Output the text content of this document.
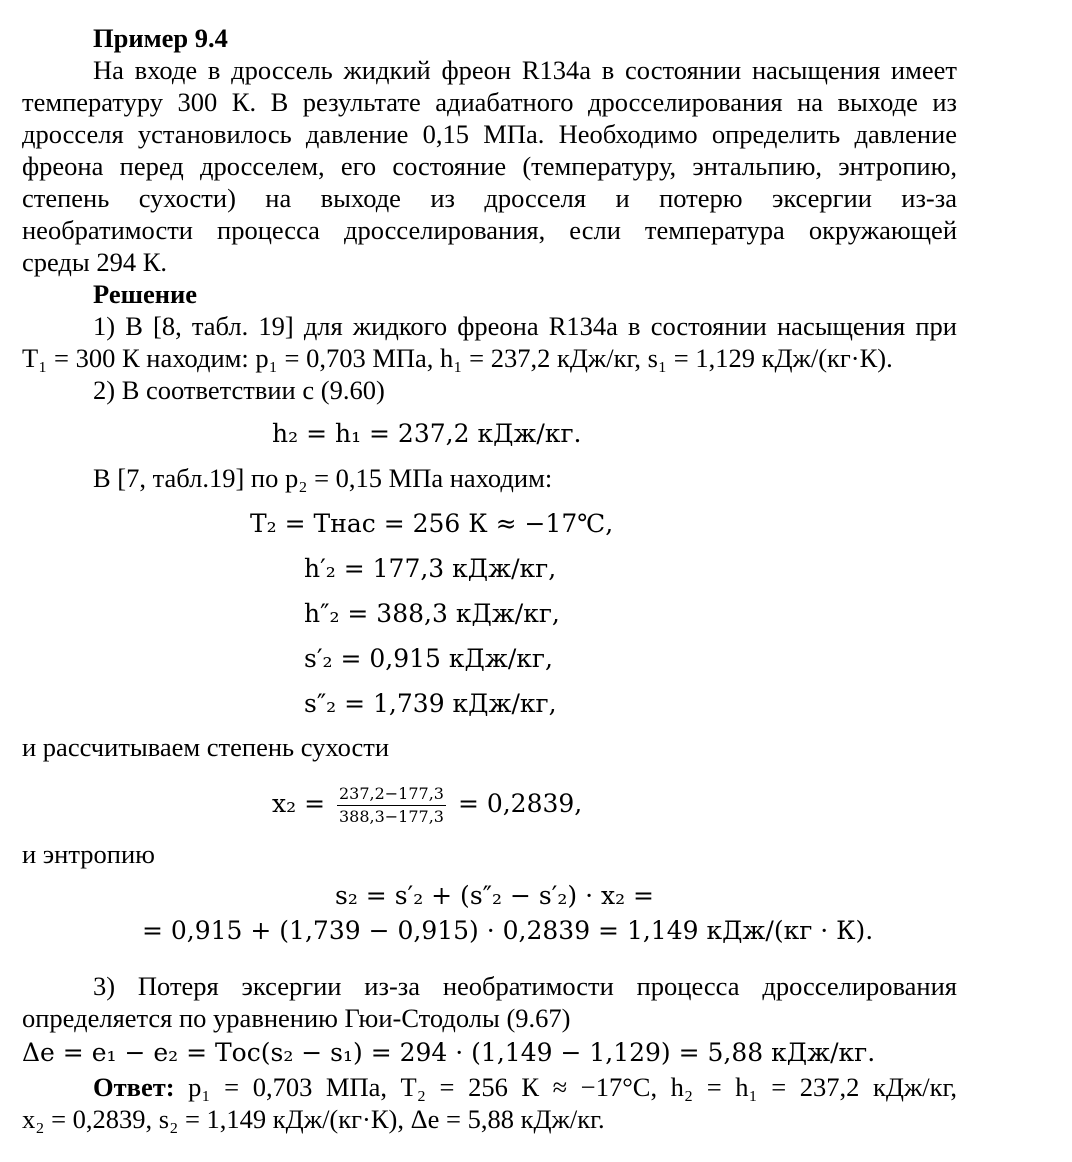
Пример 9.4
На входе в дроссель жидкий фреон R134a в состоянии насыщения имеет
температуру 300 К. В результате адиабатного дросселирования на выходе из
дросселя установилось давление 0,15 МПа. Необходимо определить давление
фреона перед дросселем, его состояние (температуру, энтальпию, энтропию,
степень сухости) на выходе из дросселя и потерю эксергии из-за
необратимости процесса дросселирования, если температура окружающей
среды 294 К.
Решение
1) В [8, табл. 19] для жидкого фреона R134a в состоянии насыщения при
T₁ = 300 К находим: p₁ = 0,703 МПа, h₁ = 237,2 кДж/кг, s₁ = 1,129 кДж/(кг·К).
2) В соответствии с (9.60)
h₂ = h₁ = 237,2 кДж/кг.
В [7, табл.19] по p₂ = 0,15 МПа находим:
T₂ = Tнас = 256 К ≈ −17℃,
h′₂ = 177,3 кДж/кг,
h″₂ = 388,3 кДж/кг,
s′₂ = 0,915 кДж/кг,
s″₂ = 1,739 кДж/кг,
и рассчитываем степень сухости
$x_2 = \frac{237,2-177,3}{388,3-177,3} = 0,2839$,
и энтропию
s₂ = s′₂ + (s″₂ − s′₂) · x₂ =
= 0,915 + (1,739 − 0,915) · 0,2839 = 1,149 кДж/(кг · К).
3) Потеря эксергии из-за необратимости процесса дросселирования
определяется по уравнению Гюи-Стодолы (9.67)
Δe = e₁ − e₂ = Tос(s₂ − s₁) = 294 · (1,149 − 1,129) = 5,88 кДж/кг.
Ответ: p₁ = 0,703 МПа, T₂ = 256 К ≈ −17°С, h₂ = h₁ = 237,2 кДж/кг,
x₂ = 0,2839, s₂ = 1,149 кДж/(кг·К), Δe = 5,88 кДж/кг.
